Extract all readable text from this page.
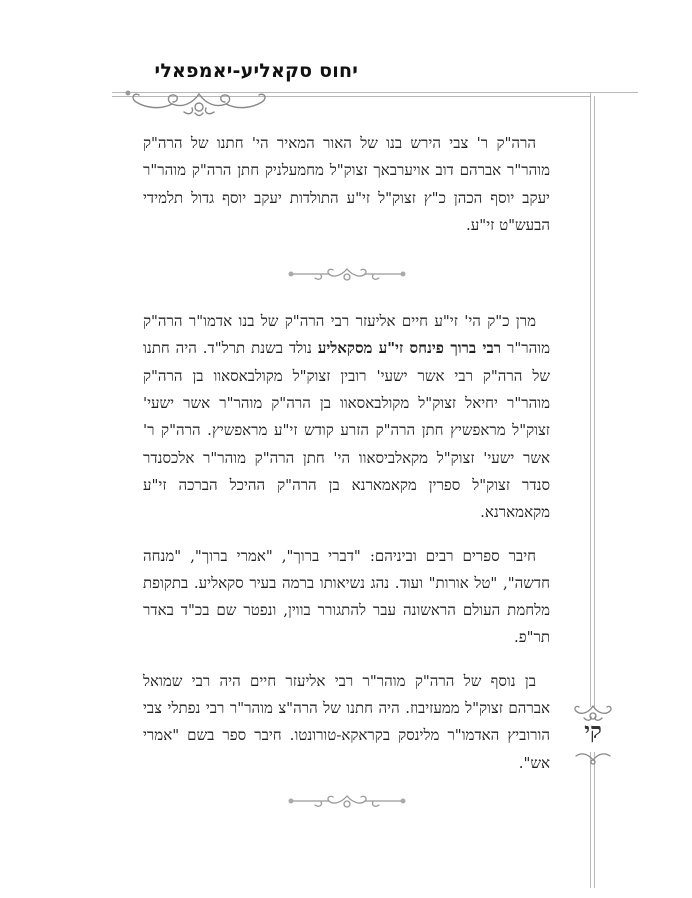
יחוס סקאליע-יאמפאלי
קי

הרה"ק ר' צבי הירש בנו של האור המאיר הי' חתנו של הרה"ק מוהר"ר אברהם דוב אויערבאך זצוק"ל מחמעלניק חתן הרה"ק מוהר"ר יעקב יוסף הכהן כ"ץ זצוק"ל זי"ע התולדות יעקב יוסף גדול תלמידי הבעש"ט זי"ע.

מרן כ"ק הי' זי"ע חיים אליעזר רבי הרה"ק של בנו אדמו"ר הרה"ק מוהר"ר רבי ברוך פינחס זי"ע מסקאליע נולד בשנת תרל"ד. היה חתנו של הרה"ק רבי אשר ישעי' רובין זצוק"ל מקולבאסאוו בן הרה"ק מוהר"ר יחיאל זצוק"ל מקולבאסאוו בן הרה"ק מוהר"ר אשר ישעי' זצוק"ל מראפשיץ חתן הרה"ק הזרע קודש זי"ע מראפשיץ. הרה"ק ר' אשר ישעי' זצוק"ל מקאלביסאוו הי' חתן הרה"ק מוהר"ר אלכסנדר סנדר זצוק"ל ספרין מקאמארנא בן הרה"ק ההיכל הברכה זי"ע מקאמארנא.

חיבר ספרים רבים וביניהם: "דברי ברוך", "אמרי ברוך", "מנחה חדשה", "טל אורות" ועוד. נהג נשיאותו ברמה בעיר סקאליע. בתקופת מלחמת העולם הראשונה עבר להתגורר בווין, ונפטר שם בכ"ד באדר תר"פ.

בן נוסף של הרה"ק מוהר"ר רבי אליעזר חיים היה רבי שמואל אברהם זצוק"ל ממעזיבוז. היה חתנו של הרה"צ מוהר"ר רבי נפתלי צבי הורוביץ האדמו"ר מלינסק בקראקא-טורונטו. חיבר ספר בשם "אמרי אש".
